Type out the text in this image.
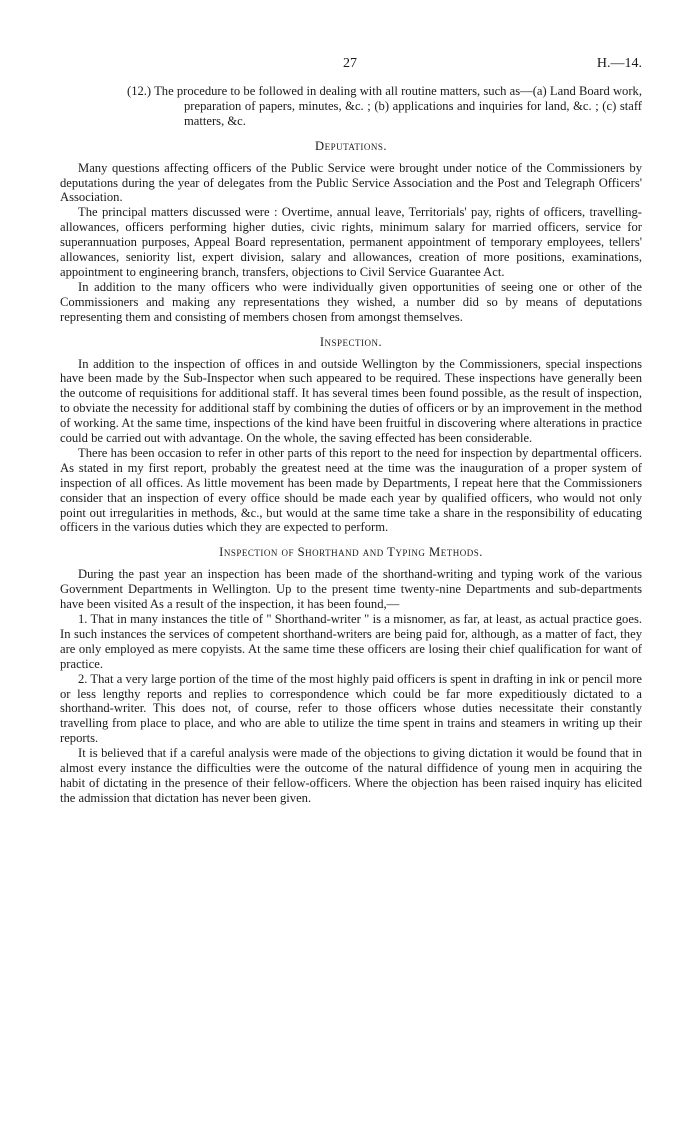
27	H.—14.

(12.) The procedure to be followed in dealing with all routine matters, such as—(a) Land Board work, preparation of papers, minutes, &c. ; (b) applications and inquiries for land, &c. ; (c) staff matters, &c.

Deputations.

Many questions affecting officers of the Public Service were brought under notice of the Commissioners by deputations during the year of delegates from the Public Service Association and the Post and Telegraph Officers' Association.

The principal matters discussed were : Overtime, annual leave, Territorials' pay, rights of officers, travelling-allowances, officers performing higher duties, civic rights, minimum salary for married officers, service for superannuation purposes, Appeal Board representation, permanent appointment of temporary employees, tellers' allowances, seniority list, expert division, salary and allowances, creation of more positions, examinations, appointment to engineering branch, transfers, objections to Civil Service Guarantee Act.

In addition to the many officers who were individually given opportunities of seeing one or other of the Commissioners and making any representations they wished, a number did so by means of deputations representing them and consisting of members chosen from amongst themselves.

Inspection.

In addition to the inspection of offices in and outside Wellington by the Commissioners, special inspections have been made by the Sub-Inspector when such appeared to be required. These inspections have generally been the outcome of requisitions for additional staff. It has several times been found possible, as the result of inspection, to obviate the necessity for additional staff by combining the duties of officers or by an improvement in the method of working. At the same time, inspections of the kind have been fruitful in discovering where alterations in practice could be carried out with advantage. On the whole, the saving effected has been considerable.

There has been occasion to refer in other parts of this report to the need for inspection by departmental officers. As stated in my first report, probably the greatest need at the time was the inauguration of a proper system of inspection of all offices. As little movement has been made by Departments, I repeat here that the Commissioners consider that an inspection of every office should be made each year by qualified officers, who would not only point out irregularities in methods, &c., but would at the same time take a share in the responsibility of educating officers in the various duties which they are expected to perform.

Inspection of Shorthand and Typing Methods.

During the past year an inspection has been made of the shorthand-writing and typing work of the various Government Departments in Wellington. Up to the present time twenty-nine Departments and sub-departments have been visited As a result of the inspection, it has been found,—

1. That in many instances the title of " Shorthand-writer " is a misnomer, as far, at least, as actual practice goes. In such instances the services of competent shorthand-writers are being paid for, although, as a matter of fact, they are only employed as mere copyists. At the same time these officers are losing their chief qualification for want of practice.

2. That a very large portion of the time of the most highly paid officers is spent in drafting in ink or pencil more or less lengthy reports and replies to correspondence which could be far more expeditiously dictated to a shorthand-writer. This does not, of course, refer to those officers whose duties necessitate their constantly travelling from place to place, and who are able to utilize the time spent in trains and steamers in writing up their reports.

It is believed that if a careful analysis were made of the objections to giving dictation it would be found that in almost every instance the difficulties were the outcome of the natural diffidence of young men in acquiring the habit of dictating in the presence of their fellow-officers. Where the objection has been raised inquiry has elicited the admission that dictation has never been given.
